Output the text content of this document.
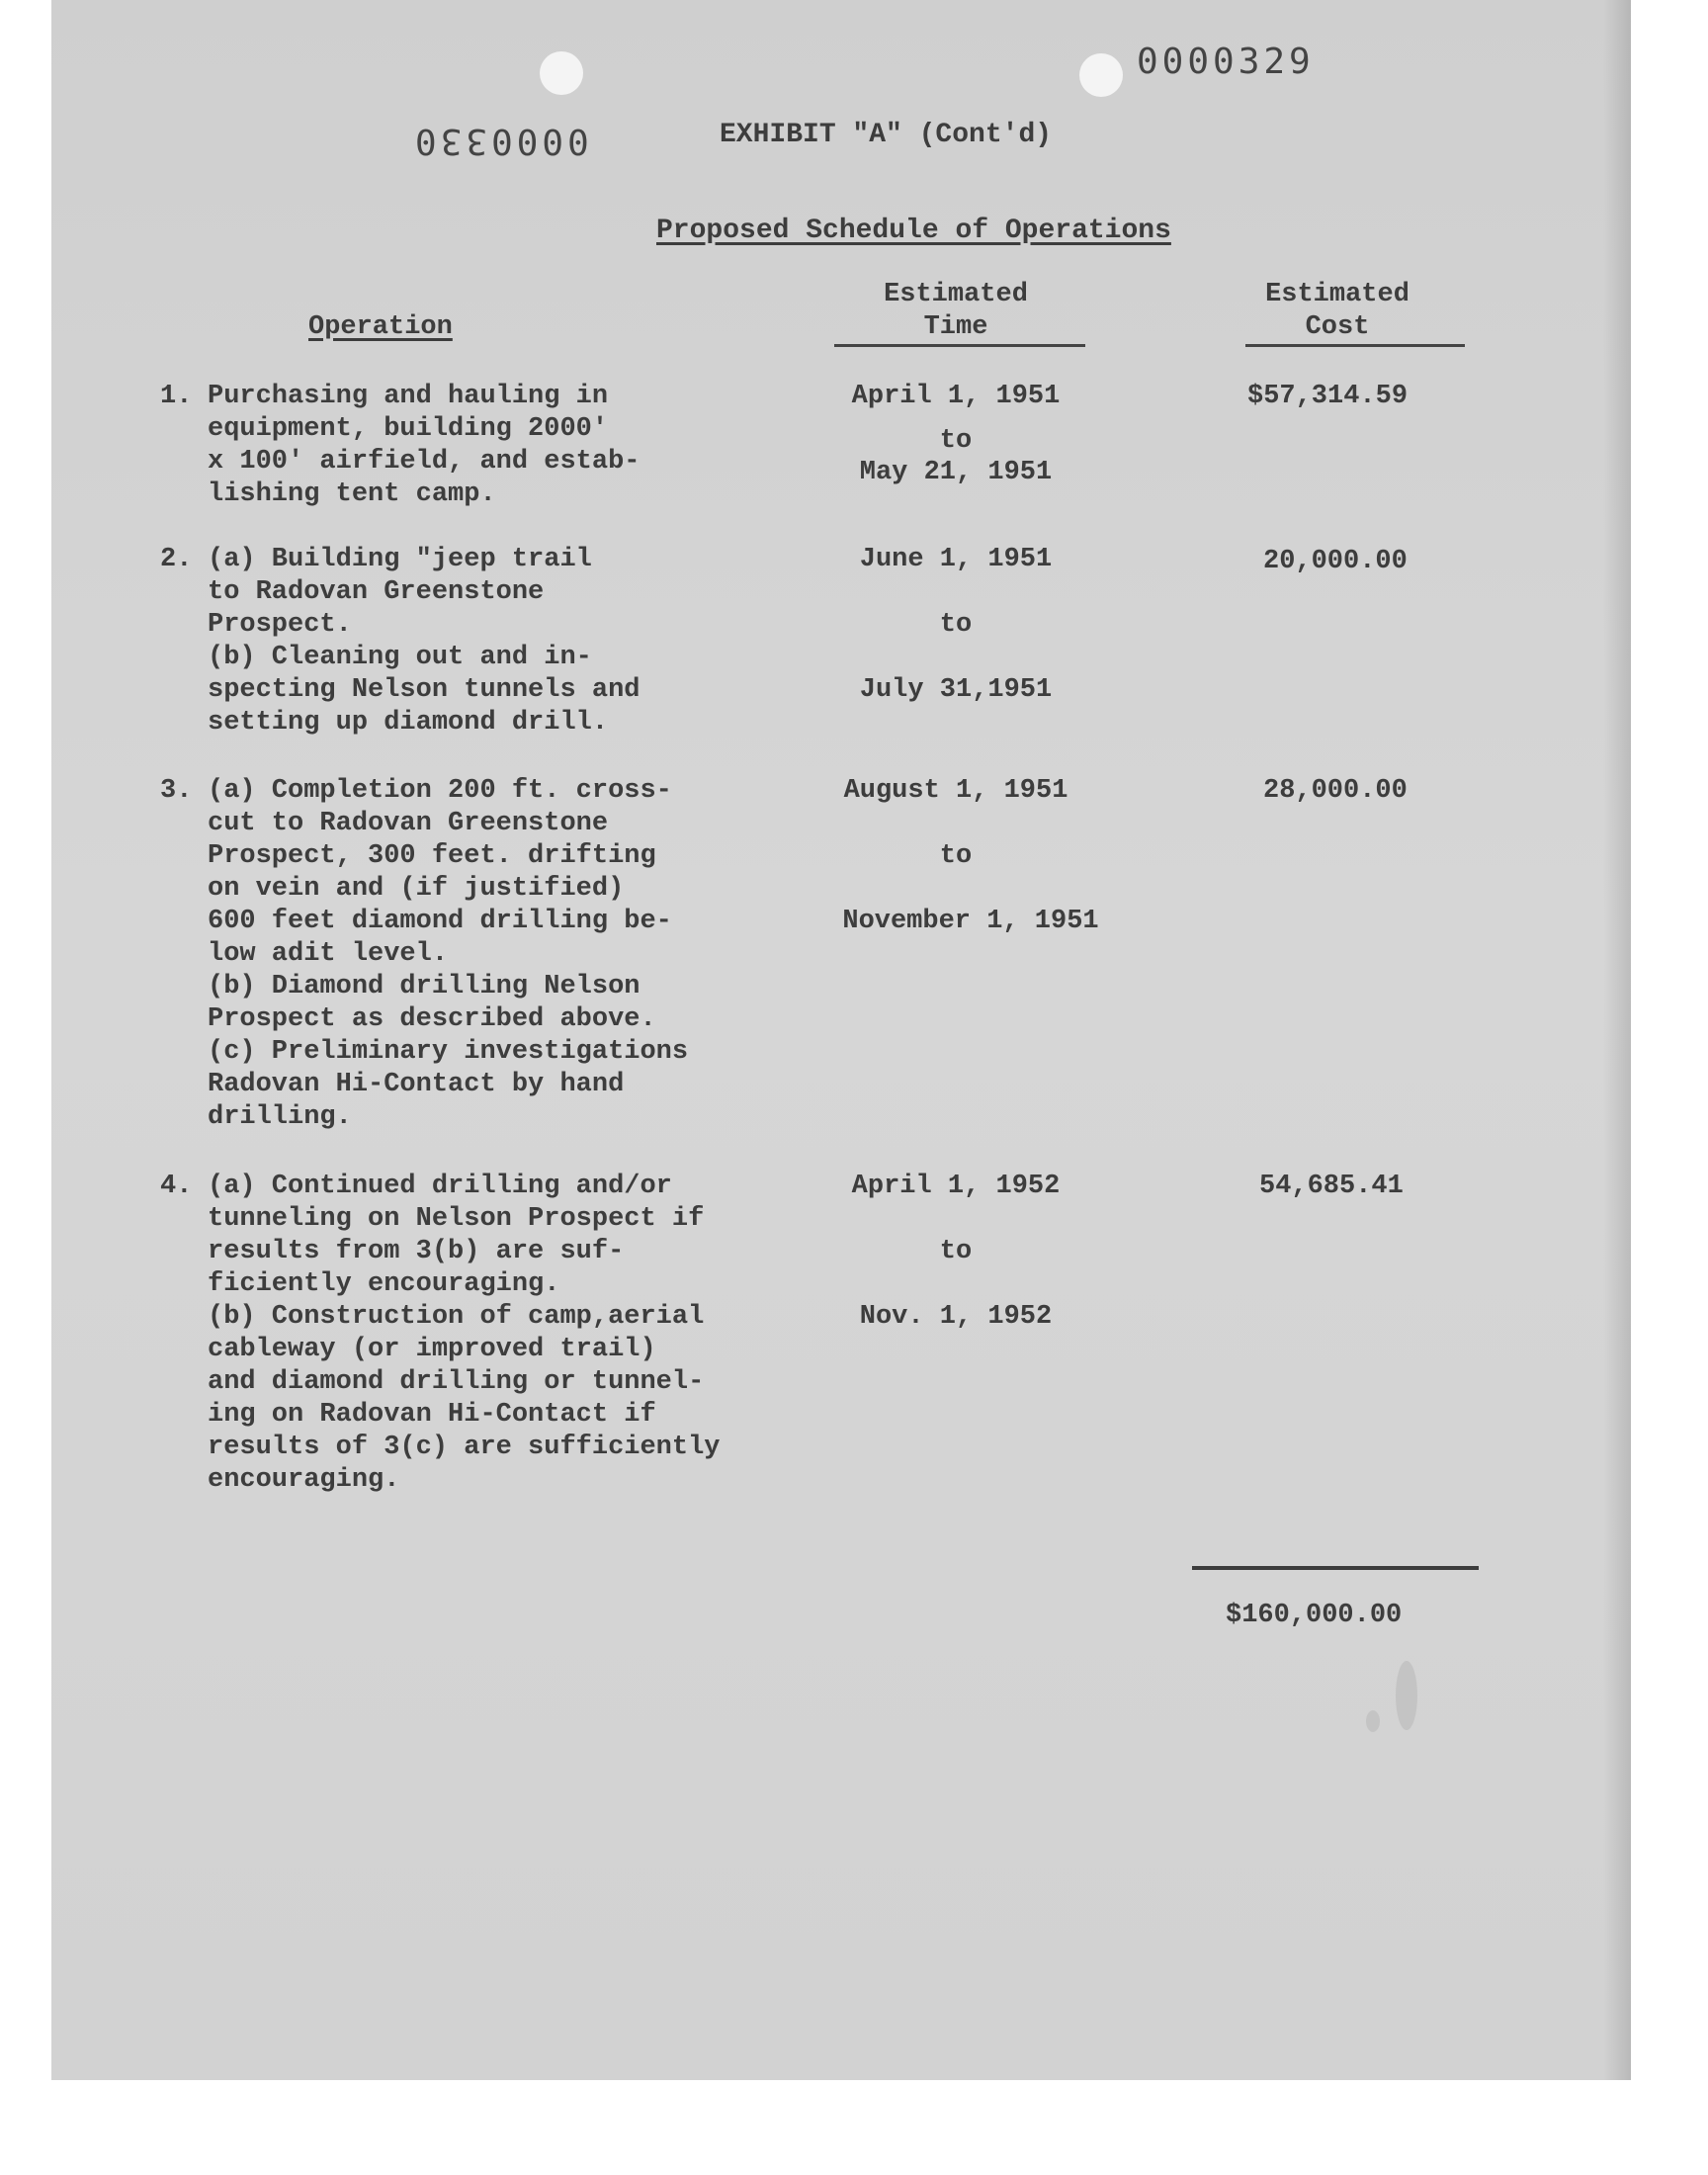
0000329
0000330	EXHIBIT "A" (Cont'd)
Proposed Schedule of Operations
Operation
Estimated
Time
Estimated
Cost
1. Purchasing and hauling in
equipment, building 2000'
x 100' airfield, and estab-
lishing tent camp.
April 1, 1951
to
May 21, 1951
$57,314.59
2. (a) Building "jeep trail
to Radovan Greenstone
Prospect.
(b) Cleaning out and in-
specting Nelson tunnels and
setting up diamond drill.
June 1, 1951
to
July 31,1951
20,000.00
3. (a) Completion 200 ft. cross-
cut to Radovan Greenstone
Prospect, 300 feet. drifting
on vein and (if justified)
600 feet diamond drilling be-
low adit level.
(b) Diamond drilling Nelson
Prospect as described above.
(c) Preliminary investigations
Radovan Hi-Contact by hand
drilling.
August 1, 1951
to
November 1, 1951
28,000.00
4. (a) Continued drilling and/or
tunneling on Nelson Prospect if
results from 3(b) are suf-
ficiently encouraging.
(b) Construction of camp,aerial
cableway (or improved trail)
and diamond drilling or tunnel-
ing on Radovan Hi-Contact if
results of 3(c) are sufficiently
encouraging.
April 1, 1952
to
Nov. 1, 1952
54,685.41
$160,000.00
